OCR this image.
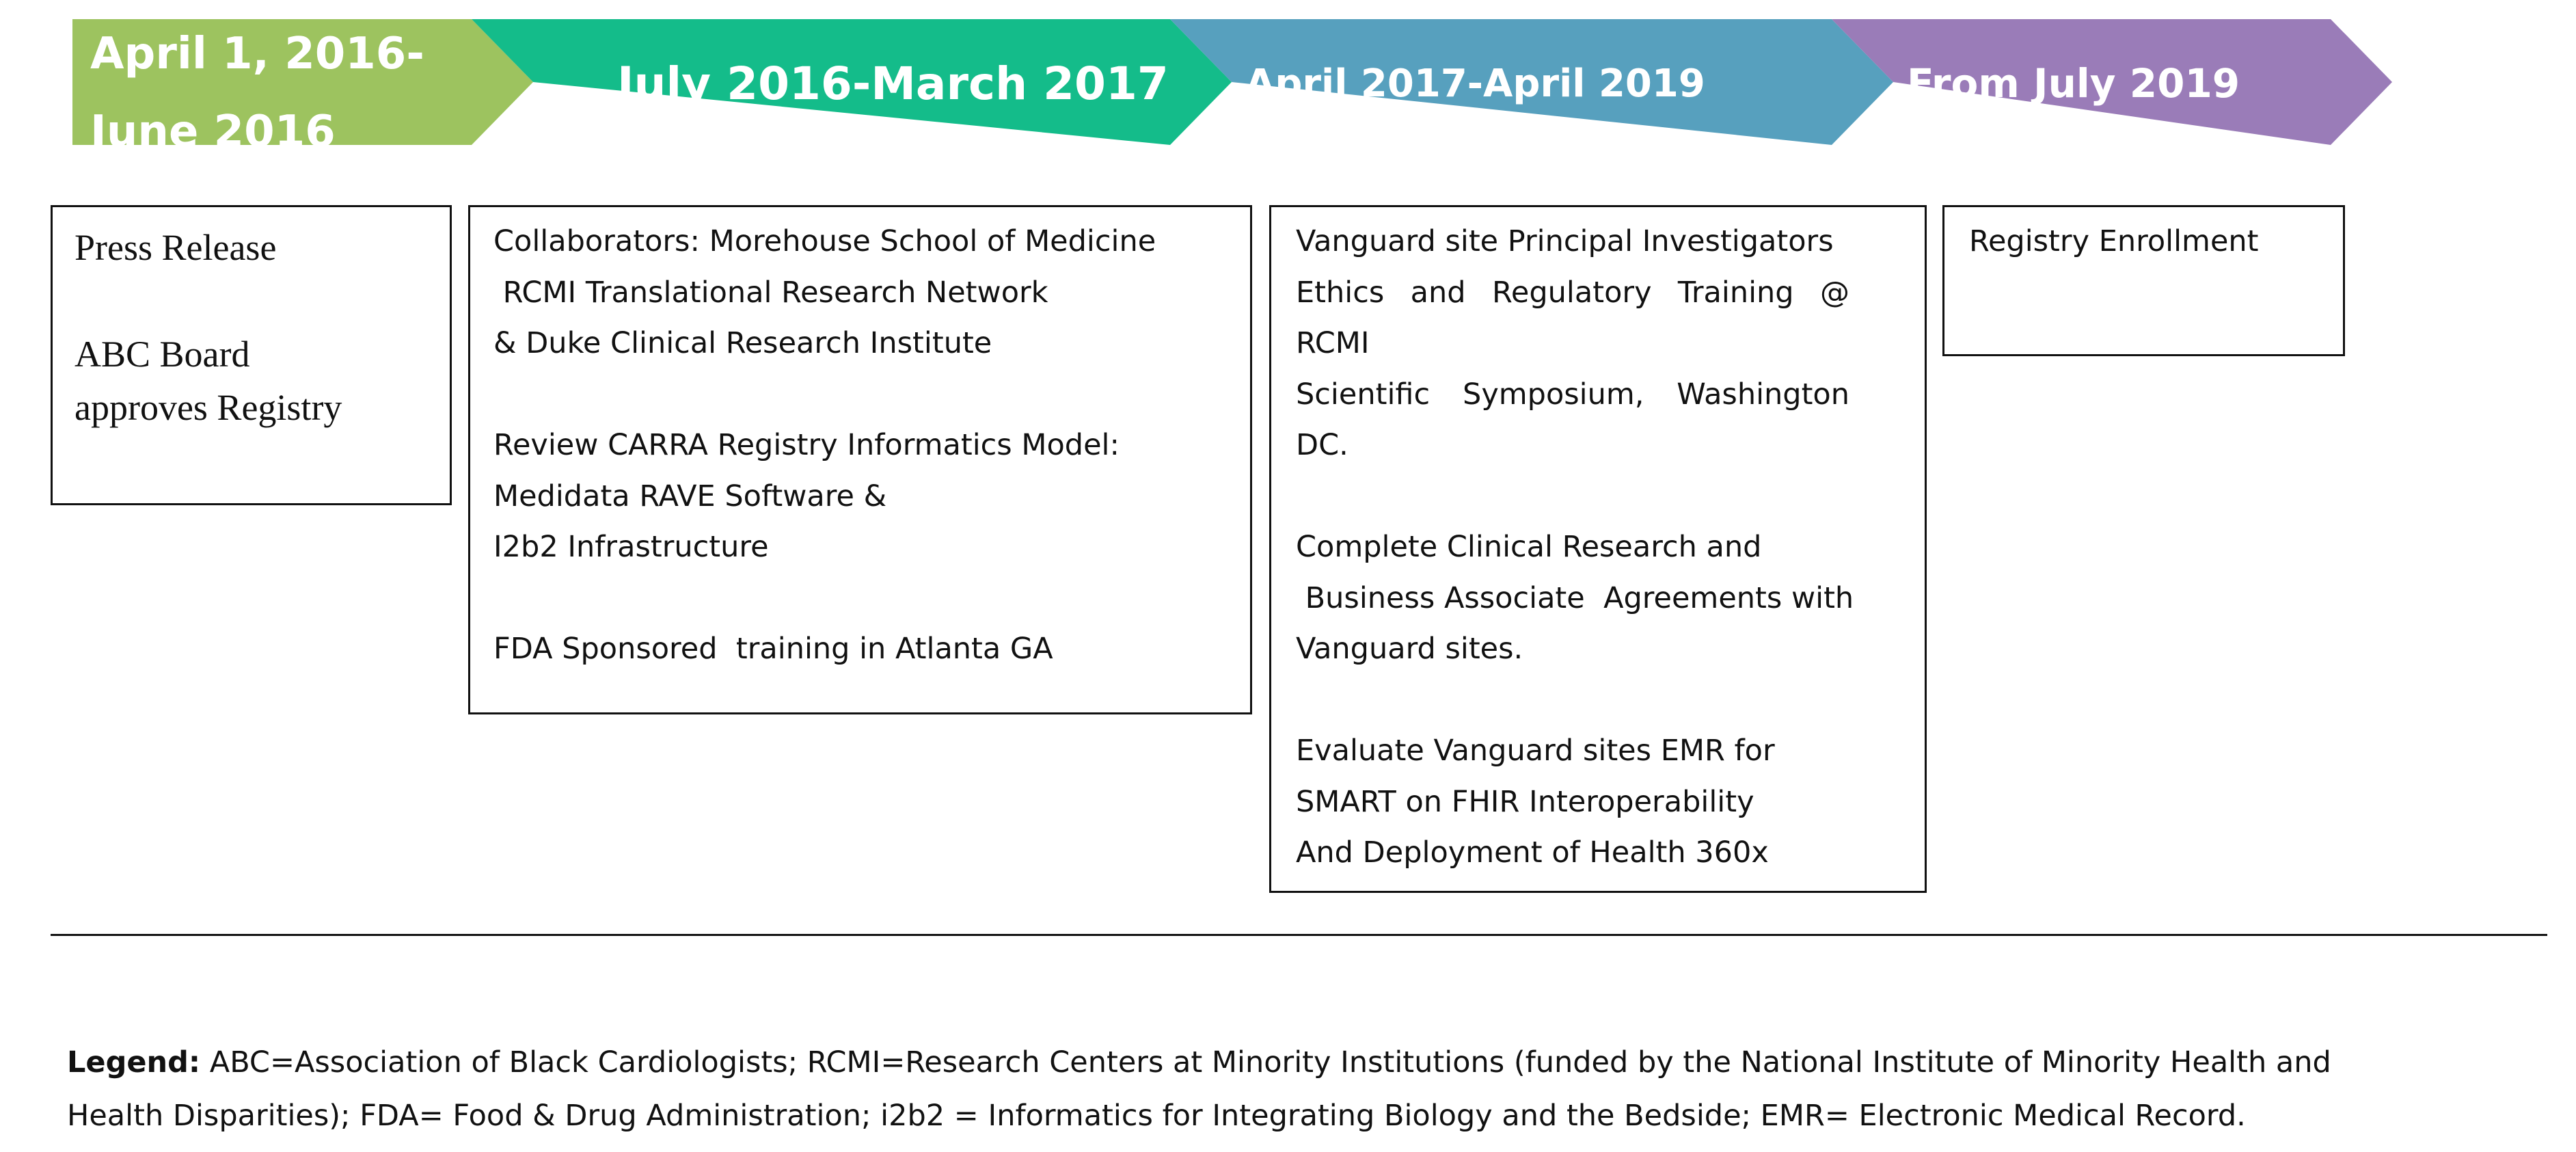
April 1, 2016-
June 2016
July 2016-March 2017 April 2017-April 2019	From July 2019
Press Release
ABC Board
approves Registry
Collaborators: Morehouse School of Medicine
RCMI Translational Research Network
& Duke Clinical Research Institute
Review CARRA Registry Informatics Model:
Medidata RAVE Software &
I2b2 Infrastructure
FDA Sponsored  training in Atlanta GA
Vanguard site Principal Investigators
Ethics and Regulatory Training @
RCMI
Scientific Symposium, Washington
DC.
Complete Clinical Research and
Business Associate  Agreements with
Vanguard sites.
Evaluate Vanguard sites EMR for
SMART on FHIR Interoperability
And Deployment of Health 360x
Registry Enrollment
Legend: ABC=Association of Black Cardiologists; RCMI=Research Centers at Minority Institutions (funded by the National Institute of Minority Health and
Health Disparities); FDA= Food & Drug Administration; i2b2 = Informatics for Integrating Biology and the Bedside; EMR= Electronic Medical Record.
